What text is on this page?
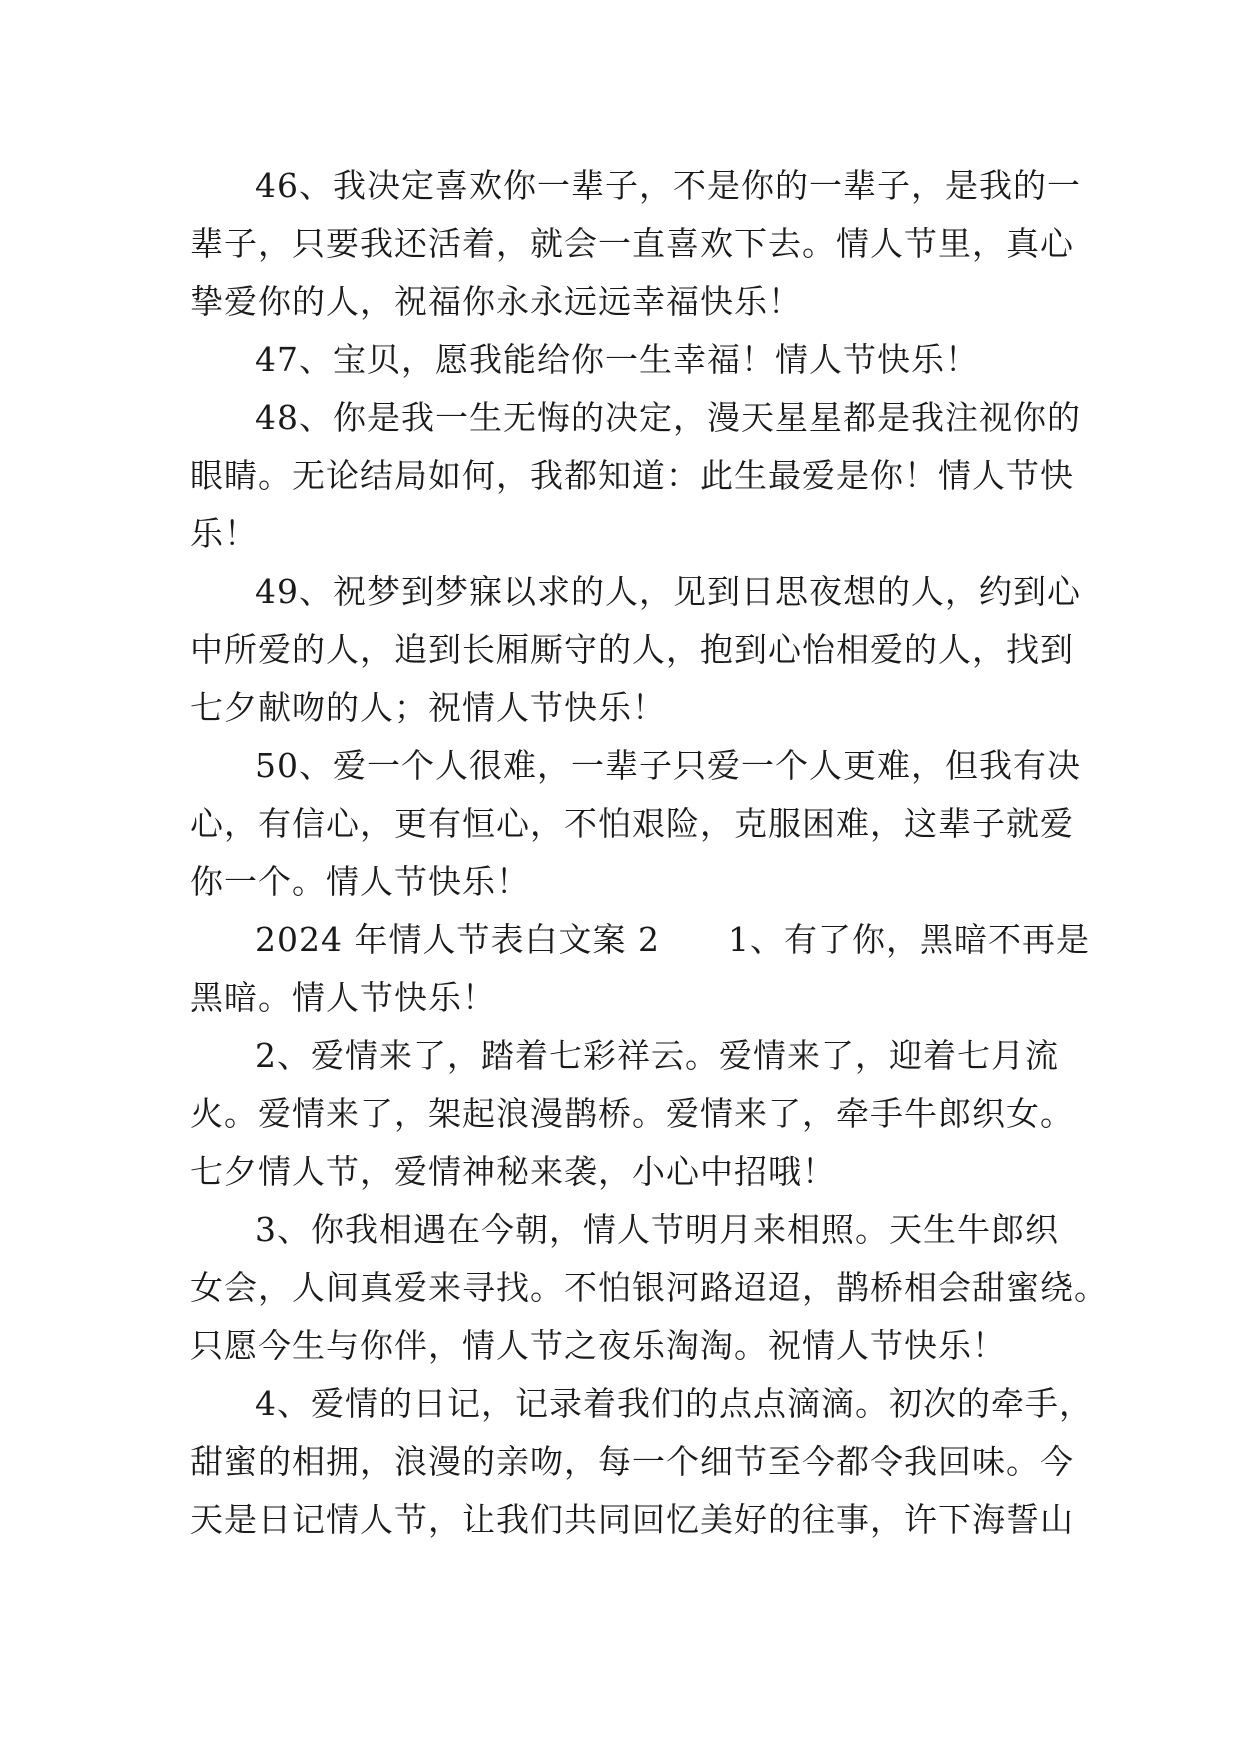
46、我决定喜欢你一辈子，不是你的一辈子，是我的一
辈子，只要我还活着，就会一直喜欢下去。情人节里，真心
挚爱你的人，祝福你永永远远幸福快乐！
47、宝贝，愿我能给你一生幸福！情人节快乐！
48、你是我一生无悔的决定，漫天星星都是我注视你的
眼睛。无论结局如何，我都知道：此生最爱是你！情人节快
乐！
49、祝梦到梦寐以求的人，见到日思夜想的人，约到心
中所爱的人，追到长厢厮守的人，抱到心怡相爱的人，找到
七夕献吻的人；祝情人节快乐！
50、爱一个人很难，一辈子只爱一个人更难，但我有决
心，有信心，更有恒心，不怕艰险，克服困难，这辈子就爱
你一个。情人节快乐！
2024 年情人节表白文案 2　　1、有了你，黑暗不再是
黑暗。情人节快乐！
2、爱情来了，踏着七彩祥云。爱情来了，迎着七月流
火。爱情来了，架起浪漫鹊桥。爱情来了，牵手牛郎织女。
七夕情人节，爱情神秘来袭，小心中招哦！
3、你我相遇在今朝，情人节明月来相照。天生牛郎织
女会，人间真爱来寻找。不怕银河路迢迢，鹊桥相会甜蜜绕。
只愿今生与你伴，情人节之夜乐淘淘。祝情人节快乐！
4、爱情的日记，记录着我们的点点滴滴。初次的牵手，
甜蜜的相拥，浪漫的亲吻，每一个细节至今都令我回味。今
天是日记情人节，让我们共同回忆美好的往事，许下海誓山
